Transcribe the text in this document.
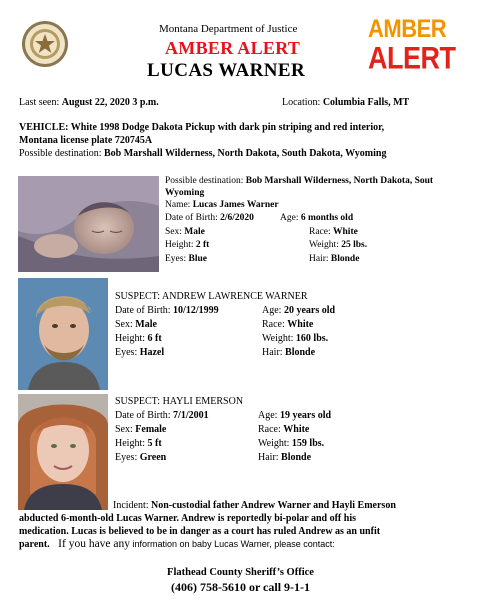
Montana Department of Justice
AMBER ALERT
LUCAS WARNER
AMBER
ALERT
Last seen: August 22, 2020 3 p.m.	Location: Columbia Falls, MT
VEHICLE: White 1998 Dodge Dakota Pickup with dark pin striping and red interior,
Montana license plate 720745A
Possible destination: Bob Marshall Wilderness, North Dakota, South Dakota, Wyoming
Possible destination: Bob Marshall Wilderness, North Dakota, Sout
Wyoming
Name: Lucas James Warner
Date of Birth: 2/6/2020	Age: 6 months old
Sex: Male	Race: White
Height: 2 ft	Weight: 25 lbs.
Eyes: Blue	Hair: Blonde
SUSPECT: ANDREW LAWRENCE WARNER
Date of Birth: 10/12/1999	Age: 20 years old
Sex: Male	Race: White
Height: 6 ft	Weight: 160 lbs.
Eyes: Hazel	Hair: Blonde
SUSPECT: HAYLI EMERSON
Date of Birth: 7/1/2001	Age: 19 years old
Sex: Female	Race: White
Height: 5 ft	Weight: 159 lbs.
Eyes: Green	Hair: Blonde
Incident: Non-custodial father Andrew Warner and Hayli Emerson
abducted 6-month-old Lucas Warner. Andrew is reportedly bi-polar and off his
medication. Lucas is believed to be in danger as a court has ruled Andrew as an unfit
parent. If you have any information on baby Lucas Warner, please contact:
Flathead County Sheriff’s Office
(406) 758-5610 or call 9-1-1
